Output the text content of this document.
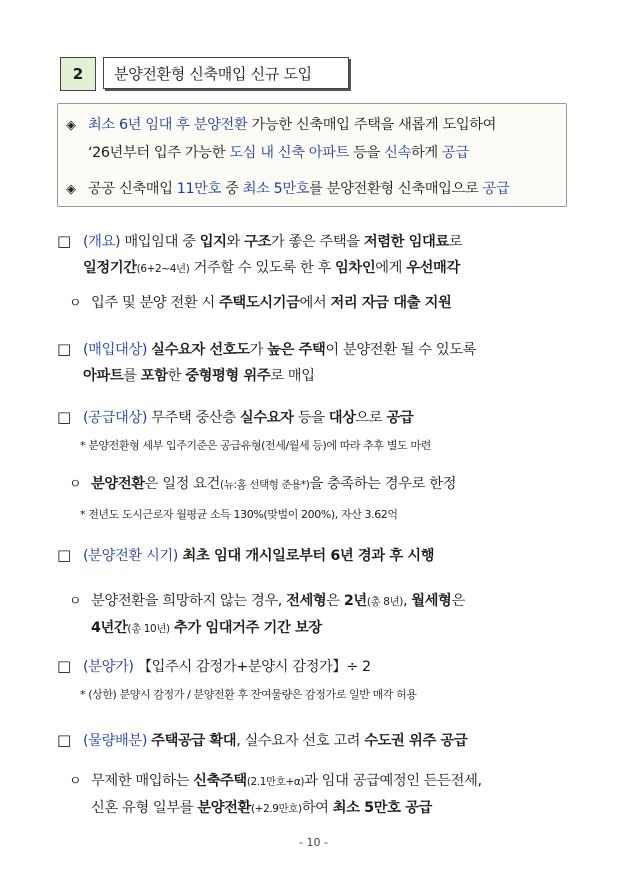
2	분양전환형 신축매입 신규 도입
◈ 최소 6년 임대 후 분양전환 가능한 신축매입 주택을 새롭게 도입하여
‘26년부터 입주 가능한 도심 내 신축 아파트 등을 신속하게 공급
◈ 공공 신축매입 11만호 중 최소 5만호를 분양전환형 신축매입으로 공급
□ (개요) 매입임대 중 입지와 구조가 좋은 주택을 저렴한 임대료로
일정기간(6+2~4년) 거주할 수 있도록 한 후 임차인에게 우선매각
ㅇ 입주 및 분양 전환 시 주택도시기금에서 저리 자금 대출 지원
□ (매입대상) 실수요자 선호도가 높은 주택이 분양전환 될 수 있도록
아파트를 포함한 중형평형 위주로 매입
□ (공급대상) 무주택 중산층 실수요자 등을 대상으로 공급
* 분양전환형 세부 입주기준은 공급유형(전세/월세 등)에 따라 추후 별도 마련
ㅇ 분양전환은 일정 요건(뉴:홈 선택형 준용*)을 충족하는 경우로 한정
* 전년도 도시근로자 월평균 소득 130%(맞벌이 200%), 자산 3.62억
□ (분양전환 시기) 최초 임대 개시일로부터 6년 경과 후 시행
ㅇ 분양전환을 희망하지 않는 경우, 전세형은 2년(총 8년), 월세형은
4년간(총 10년) 추가 임대거주 기간 보장
□ (분양가) 【입주시 감정가+분양시 감정가】÷ 2
* (상한) 분양시 감정가 / 분양전환 후 잔여물량은 감정가로 일반 매각 허용
□ (물량배분) 주택공급 확대, 실수요자 선호 고려 수도권 위주 공급
ㅇ 무제한 매입하는 신축주택(2.1만호+α)과 임대 공급예정인 든든전세,
신혼 유형 일부를 분양전환(+2.9만호)하여 최소 5만호 공급
- 10 -
